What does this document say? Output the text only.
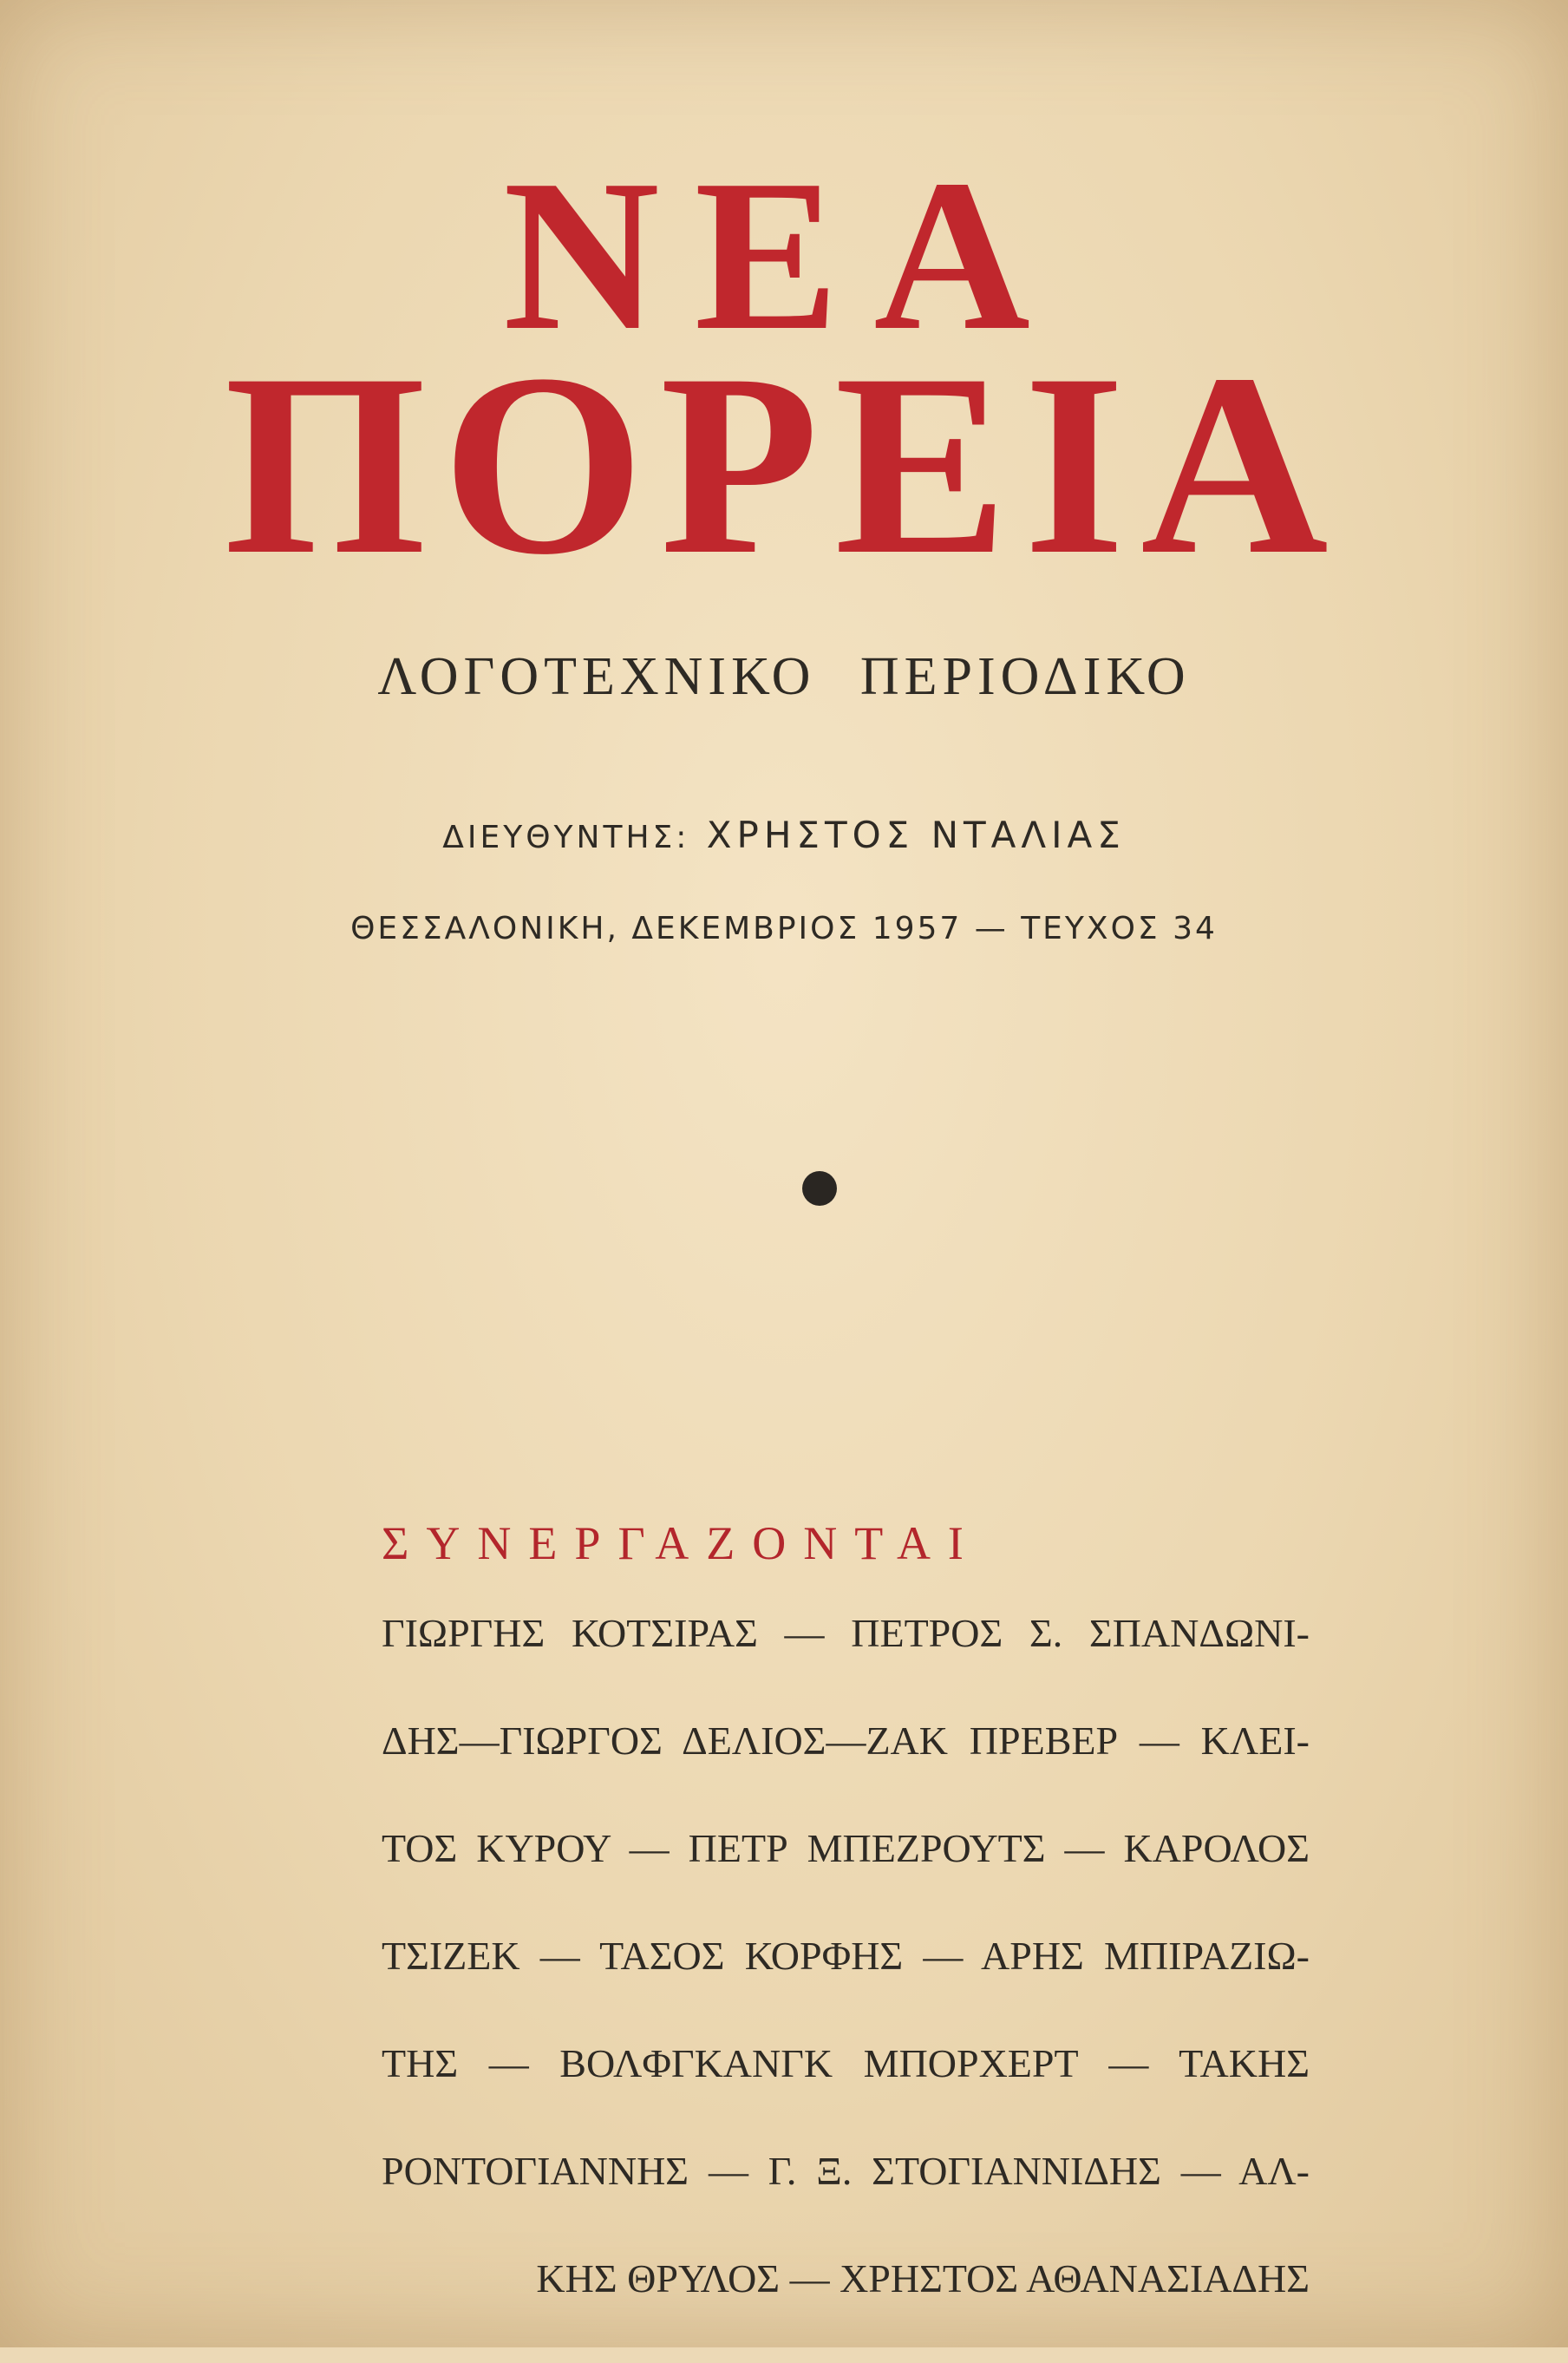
ΝΕΑ
ΠΟΡΕΙΑ
ΛΟΓΟΤΕΧΝΙΚΟ ΠΕΡΙΟΔΙΚΟ
ΔΙΕΥΘΥΝΤΗΣ: ΧΡΗΣΤΟΣ ΝΤΑΛΙΑΣ
ΘΕΣΣΑΛΟΝΙΚΗ, ΔΕΚΕΜΒΡΙΟΣ 1957 — ΤΕΥΧΟΣ 34
ΣΥΝΕΡΓΑΖΟΝΤΑΙ
ΓΙΩΡΓΗΣ ΚΟΤΣΙΡΑΣ — ΠΕΤΡΟΣ Σ. ΣΠΑΝΔΩΝΙ-
ΔΗΣ—ΓΙΩΡΓΟΣ ΔΕΛΙΟΣ—ΖΑΚ ΠΡΕΒΕΡ — ΚΛΕΙ-
ΤΟΣ ΚΥΡΟΥ — ΠΕΤΡ ΜΠΕΖΡΟΥΤΣ — ΚΑΡΟΛΟΣ
ΤΣΙΖΕΚ — ΤΑΣΟΣ ΚΟΡΦΗΣ — ΑΡΗΣ ΜΠΙΡΑΖΙΩ-
ΤΗΣ — ΒΟΛΦΓΚΑΝΓΚ ΜΠΟΡΧΕΡΤ — ΤΑΚΗΣ
ΡΟΝΤΟΓΙΑΝΝΗΣ — Γ. Ξ. ΣΤΟΓΙΑΝΝΙΔΗΣ — ΑΛ-
ΚΗΣ ΘΡΥΛΟΣ — ΧΡΗΣΤΟΣ ΑΘΑΝΑΣΙΑΔΗΣ
